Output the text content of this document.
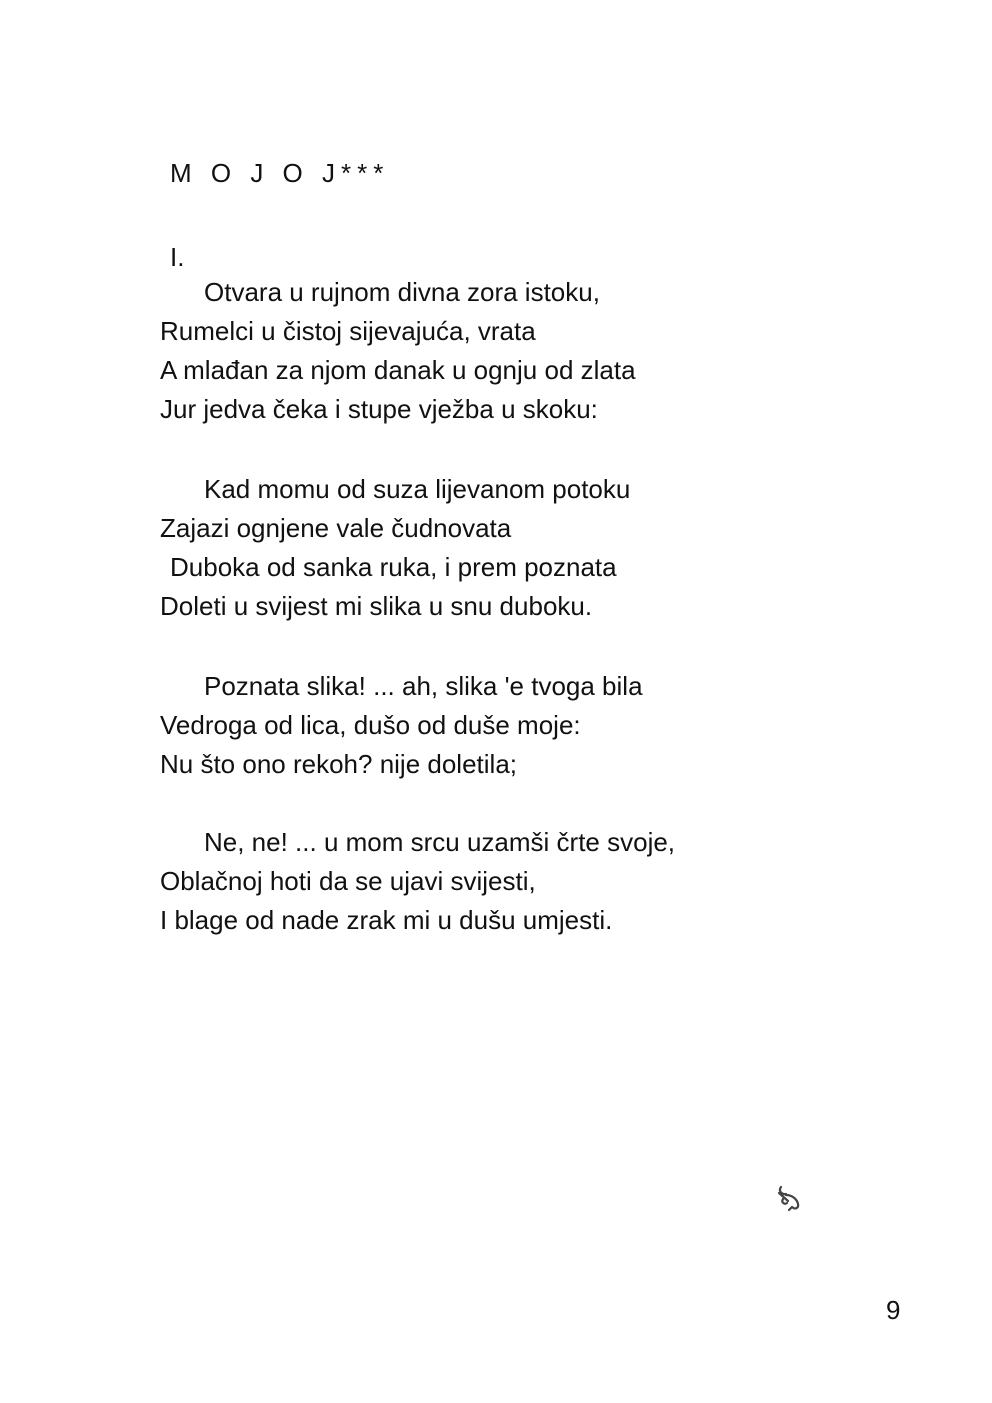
M O J O J***
I.
Otvara u rujnom divna zora istoku,
Rumelci u čistoj sijevajuća, vrata
A mlađan za njom danak u ognju od zlata
Jur jedva čeka i stupe vježba u skoku:
Kad momu od suza lijevanom potoku
Zajazi ognjene vale čudnovata
Duboka od sanka ruka, i prem poznata
Doleti u svijest mi slika u snu duboku.
Poznata slika! ... ah, slika 'e tvoga bila
Vedroga od lica, dušo od duše moje:
Nu što ono rekoh? nije doletila;
Ne, ne! ... u mom srcu uzamši črte svoje,
Oblačnoj hoti da se ujavi svijesti,
I blage od nade zrak mi u dušu umjesti.
9
